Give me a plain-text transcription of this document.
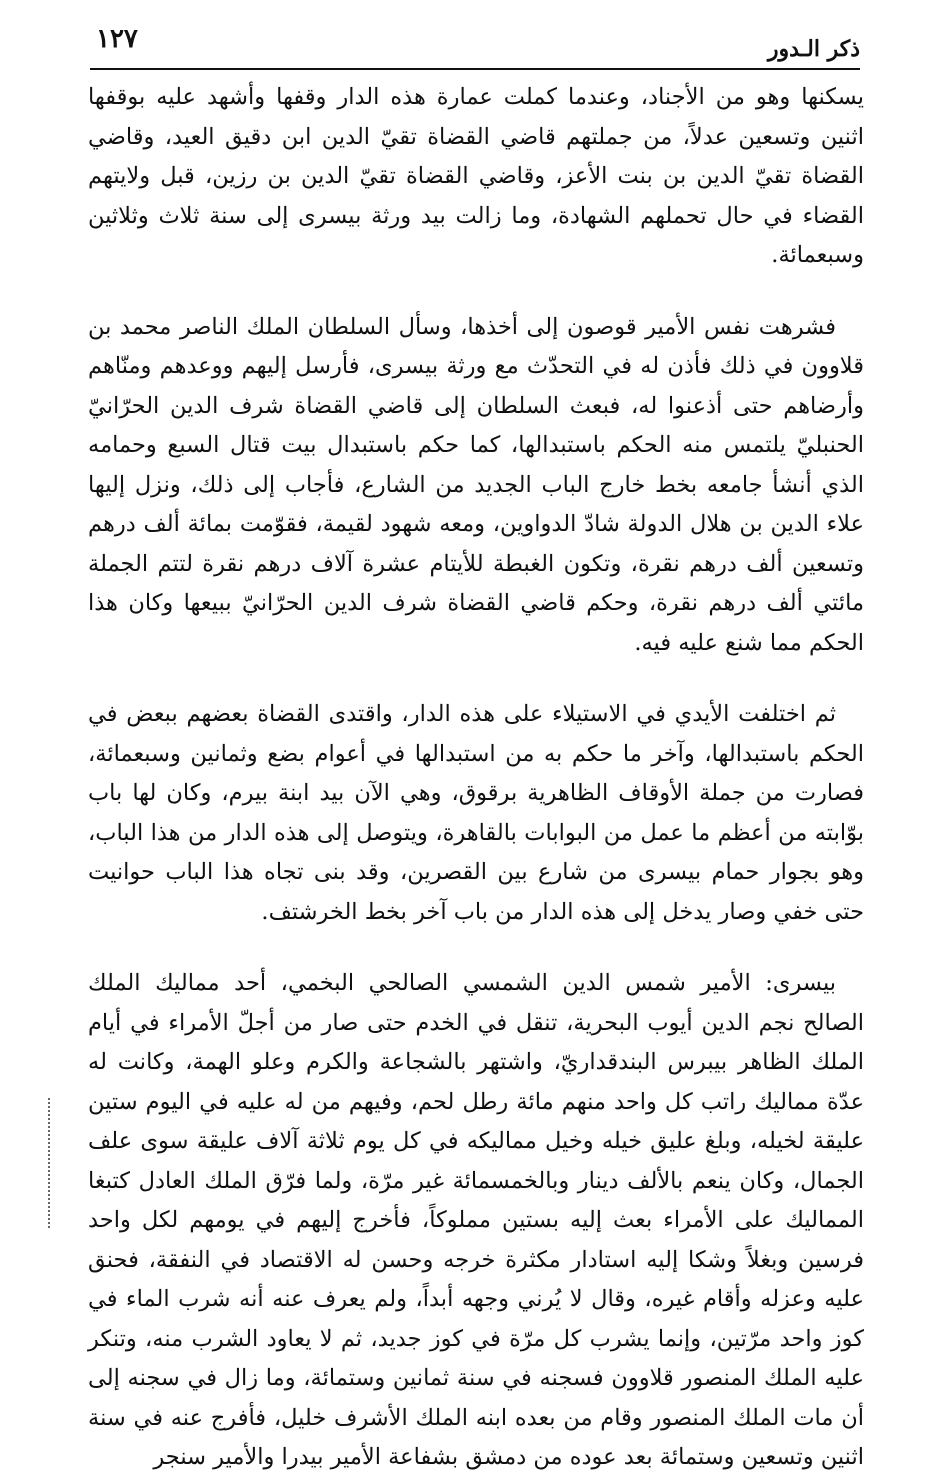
ذكر الـدور
١٢٧

يسكنها وهو من الأجناد، وعندما كملت عمارة هذه الدار وقفها وأشهد عليه بوقفها اثنين وتسعين عدلاً، من جملتهم قاضي القضاة تقيّ الدين ابن دقيق العيد، وقاضي القضاة تقيّ الدين بن بنت الأعز، وقاضي القضاة تقيّ الدين بن رزين، قبل ولايتهم القضاء في حال تحملهم الشهادة، وما زالت بيد ورثة بيسرى إلى سنة ثلاث وثلاثين وسبعمائة.

فشرهت نفس الأمير قوصون إلى أخذها، وسأل السلطان الملك الناصر محمد بن قلاوون في ذلك فأذن له في التحدّث مع ورثة بيسرى، فأرسل إليهم ووعدهم ومنّاهم وأرضاهم حتى أذعنوا له، فبعث السلطان إلى قاضي القضاة شرف الدين الحرّانيّ الحنبليّ يلتمس منه الحكم باستبدالها، كما حكم باستبدال بيت قتال السبع وحمامه الذي أنشأ جامعه بخط خارج الباب الجديد من الشارع، فأجاب إلى ذلك، ونزل إليها علاء الدين بن هلال الدولة شادّ الدواوين، ومعه شهود لقيمة، فقوّمت بمائة ألف درهم وتسعين ألف درهم نقرة، وتكون الغبطة للأيتام عشرة آلاف درهم نقرة لتتم الجملة مائتي ألف درهم نقرة، وحكم قاضي القضاة شرف الدين الحرّانيّ ببيعها وكان هذا الحكم مما شنع عليه فيه.

ثم اختلفت الأيدي في الاستيلاء على هذه الدار، واقتدى القضاة بعضهم ببعض في الحكم باستبدالها، وآخر ما حكم به من استبدالها في أعوام بضع وثمانين وسبعمائة، فصارت من جملة الأوقاف الظاهرية برقوق، وهي الآن بيد ابنة بيرم، وكان لها باب بوّابته من أعظم ما عمل من البوابات بالقاهرة، ويتوصل إلى هذه الدار من هذا الباب، وهو بجوار حمام بيسرى من شارع بين القصرين، وقد بنى تجاه هذا الباب حوانيت حتى خفي وصار يدخل إلى هذه الدار من باب آخر بخط الخرشتف.

بيسرى: الأمير شمس الدين الشمسي الصالحي البخمي، أحد مماليك الملك الصالح نجم الدين أيوب البحرية، تنقل في الخدم حتى صار من أجلّ الأمراء في أيام الملك الظاهر بيبرس البندقداريّ، واشتهر بالشجاعة والكرم وعلو الهمة، وكانت له عدّة مماليك راتب كل واحد منهم مائة رطل لحم، وفيهم من له عليه في اليوم ستين عليقة لخيله، وبلغ عليق خيله وخيل مماليكه في كل يوم ثلاثة آلاف عليقة سوى علف الجمال، وكان ينعم بالألف دينار وبالخمسمائة غير مرّة، ولما فرّق الملك العادل كتبغا المماليك على الأمراء بعث إليه بستين مملوكاً، فأخرج إليهم في يومهم لكل واحد فرسين وبغلاً وشكا إليه استادار مكثرة خرجه وحسن له الاقتصاد في النفقة، فحنق عليه وعزله وأقام غيره، وقال لا يُرني وجهه أبداً، ولم يعرف عنه أنه شرب الماء في كوز واحد مرّتين، وإنما يشرب كل مرّة في كوز جديد، ثم لا يعاود الشرب منه، وتنكر عليه الملك المنصور قلاوون فسجنه في سنة ثمانين وستمائة، وما زال في سجنه إلى أن مات الملك المنصور وقام من بعده ابنه الملك الأشرف خليل، فأفرج عنه في سنة اثنين وتسعين وستمائة بعد عوده من دمشق بشفاعة الأمير بيدرا والأمير سنجر
